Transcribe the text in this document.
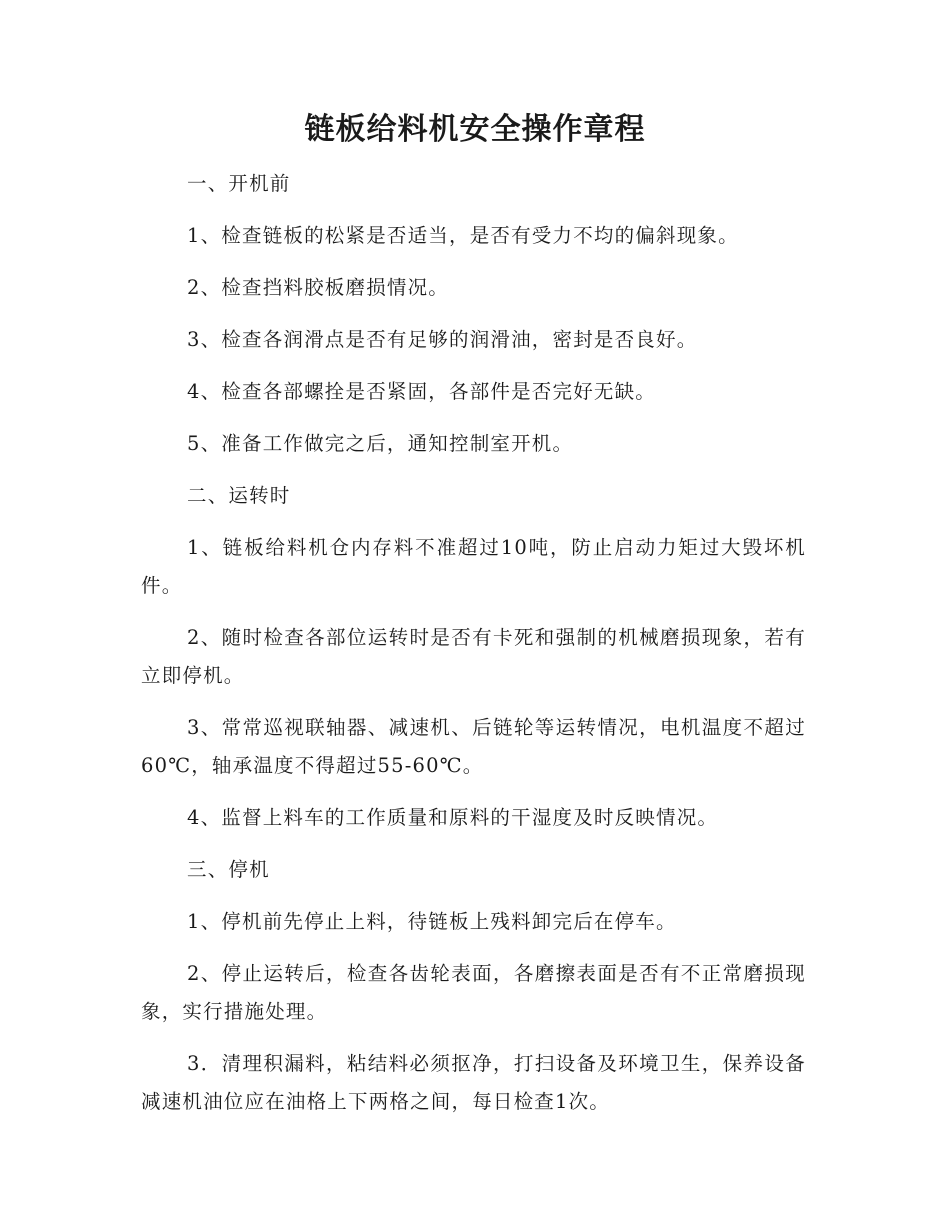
链板给料机安全操作章程

一、开机前

1、检查链板的松紧是否适当，是否有受力不均的偏斜现象。

2、检查挡料胶板磨损情况。

3、检查各润滑点是否有足够的润滑油，密封是否良好。

4、检查各部螺拴是否紧固，各部件是否完好无缺。

5、准备工作做完之后，通知控制室开机。

二、运转时

1、链板给料机仓内存料不准超过10吨，防止启动力矩过大毁坏机件。

2、随时检查各部位运转时是否有卡死和强制的机械磨损现象，若有立即停机。

3、常常巡视联轴器、减速机、后链轮等运转情况，电机温度不超过60℃，轴承温度不得超过55-60℃。

4、监督上料车的工作质量和原料的干湿度及时反映情况。

三、停机

1、停机前先停止上料，待链板上残料卸完后在停车。

2、停止运转后，检查各齿轮表面，各磨擦表面是否有不正常磨损现象，实行措施处理。

3．清理积漏料，粘结料必须抠净，打扫设备及环境卫生，保养设备减速机油位应在油格上下两格之间，每日检查1次。
